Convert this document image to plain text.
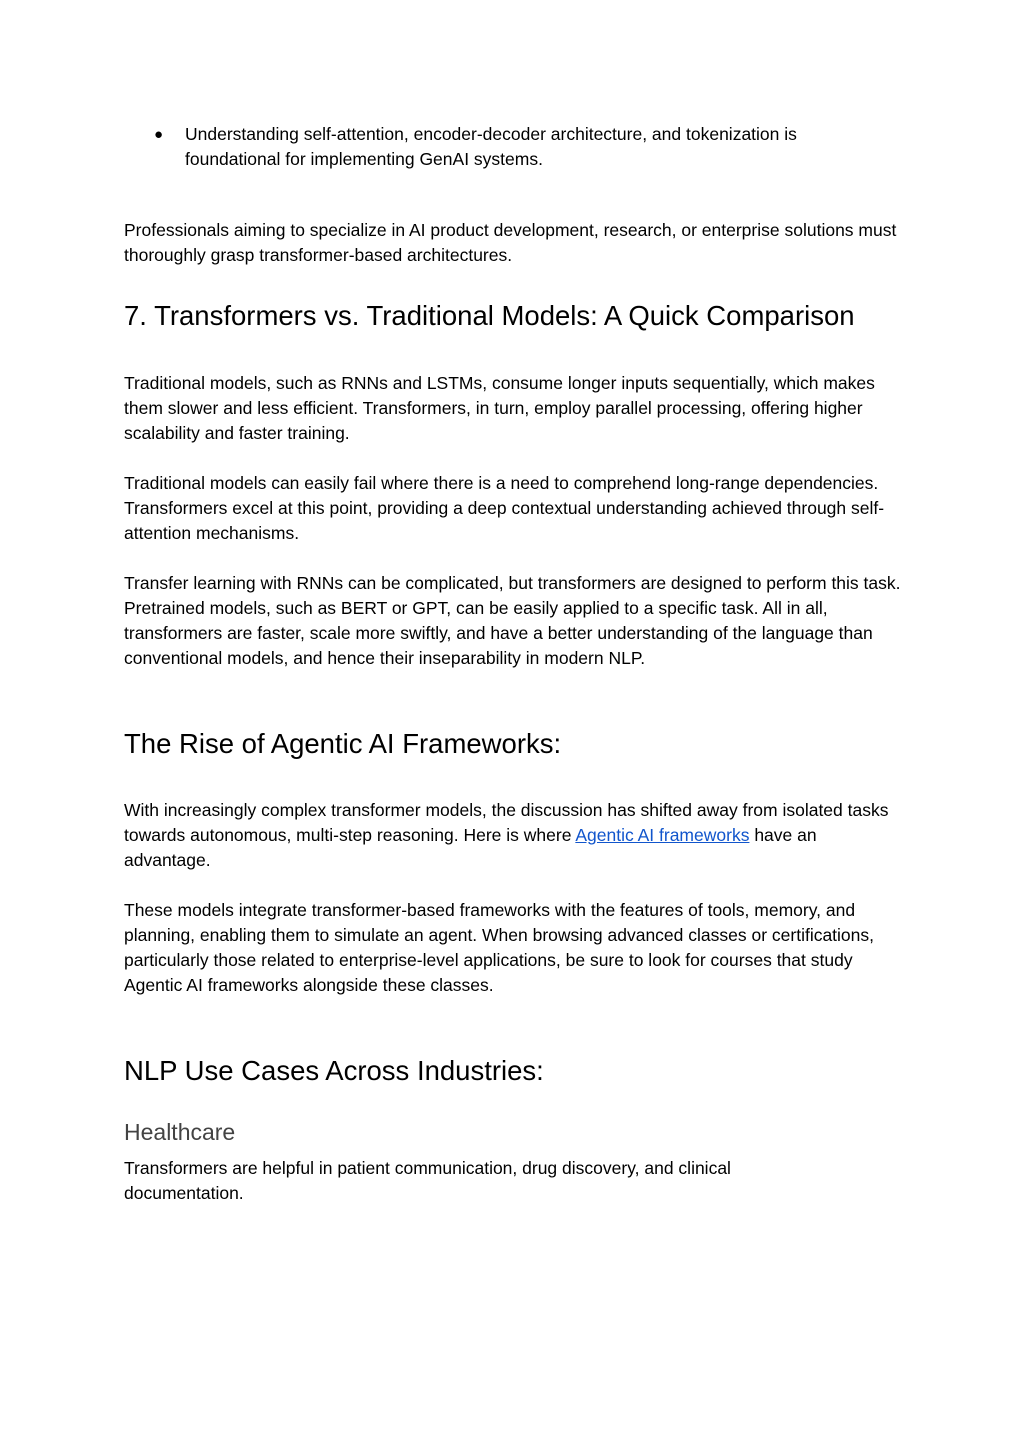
●	Understanding self-attention, encoder-decoder architecture, and tokenization is foundational for implementing GenAI systems.

Professionals aiming to specialize in AI product development, research, or enterprise solutions must thoroughly grasp transformer-based architectures.

7. Transformers vs. Traditional Models: A Quick Comparison

Traditional models, such as RNNs and LSTMs, consume longer inputs sequentially, which makes them slower and less efficient. Transformers, in turn, employ parallel processing, offering higher scalability and faster training.

Traditional models can easily fail where there is a need to comprehend long-range dependencies. Transformers excel at this point, providing a deep contextual understanding achieved through self-attention mechanisms.

Transfer learning with RNNs can be complicated, but transformers are designed to perform this task. Pretrained models, such as BERT or GPT, can be easily applied to a specific task. All in all, transformers are faster, scale more swiftly, and have a better understanding of the language than conventional models, and hence their inseparability in modern NLP.

The Rise of Agentic AI Frameworks:

With increasingly complex transformer models, the discussion has shifted away from isolated tasks towards autonomous, multi-step reasoning. Here is where Agentic AI frameworks have an advantage.

These models integrate transformer-based frameworks with the features of tools, memory, and planning, enabling them to simulate an agent. When browsing advanced classes or certifications, particularly those related to enterprise-level applications, be sure to look for courses that study Agentic AI frameworks alongside these classes.

NLP Use Cases Across Industries:
Healthcare

Transformers are helpful in patient communication, drug discovery, and clinical documentation.
